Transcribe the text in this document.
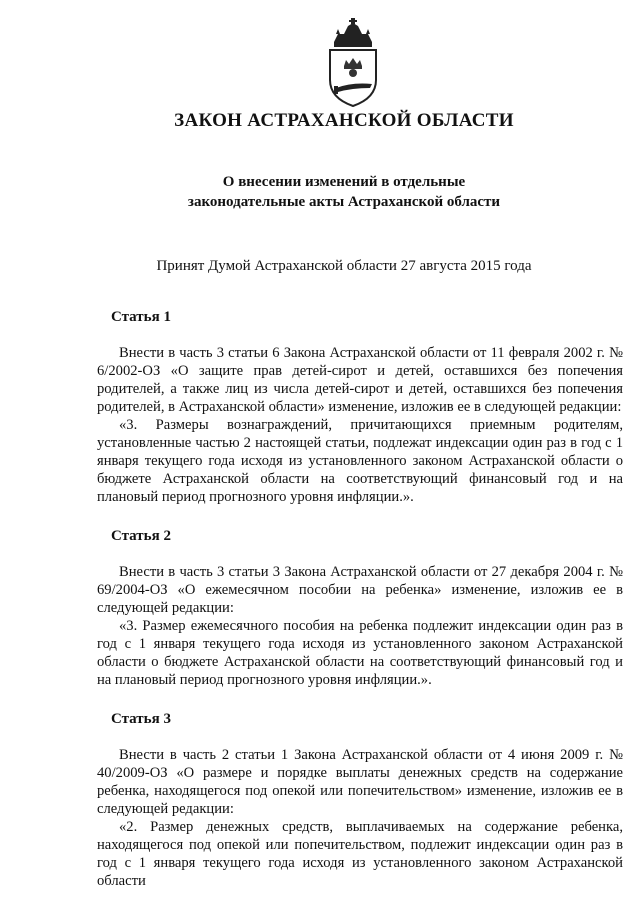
ЗАКОН АСТРАХАНСКОЙ ОБЛАСТИ
О внесении изменений в отдельные
законодательные акты Астраханской области
Принят Думой Астраханской области 27 августа 2015 года
Статья 1

Внести в часть 3 статьи 6 Закона Астраханской области от 11 февраля 2002 г. № 6/2002-ОЗ «О защите прав детей-сирот и детей, оставшихся без попечения родителей, а также лиц из числа детей-сирот и детей, оставшихся без попечения родителей, в Астраханской области» изменение, изложив ее в следующей редакции:

«3. Размеры вознаграждений, причитающихся приемным родителям, установленные частью 2 настоящей статьи, подлежат индексации один раз в год с 1 января текущего года исходя из установленного законом Астраханской области о бюджете Астраханской области на соответствующий финансовый год и на плановый период прогнозного уровня инфляции.».

Статья 2

Внести в часть 3 статьи 3 Закона Астраханской области от 27 декабря 2004 г. № 69/2004-ОЗ «О ежемесячном пособии на ребенка» изменение, изложив ее в следующей редакции:

«3. Размер ежемесячного пособия на ребенка подлежит индексации один раз в год с 1 января текущего года исходя из установленного законом Астраханской области о бюджете Астраханской области на соответствующий финансовый год и на плановый период прогнозного уровня инфляции.».

Статья 3

Внести в часть 2 статьи 1 Закона Астраханской области от 4 июня 2009 г. № 40/2009-ОЗ «О размере и порядке выплаты денежных средств на содержание ребенка, находящегося под опекой или попечительством» изменение, изложив ее в следующей редакции:

«2. Размер денежных средств, выплачиваемых на содержание ребенка, находящегося под опекой или попечительством, подлежит индексации один раз в год с 1 января текущего года исходя из установленного законом Астраханской области
